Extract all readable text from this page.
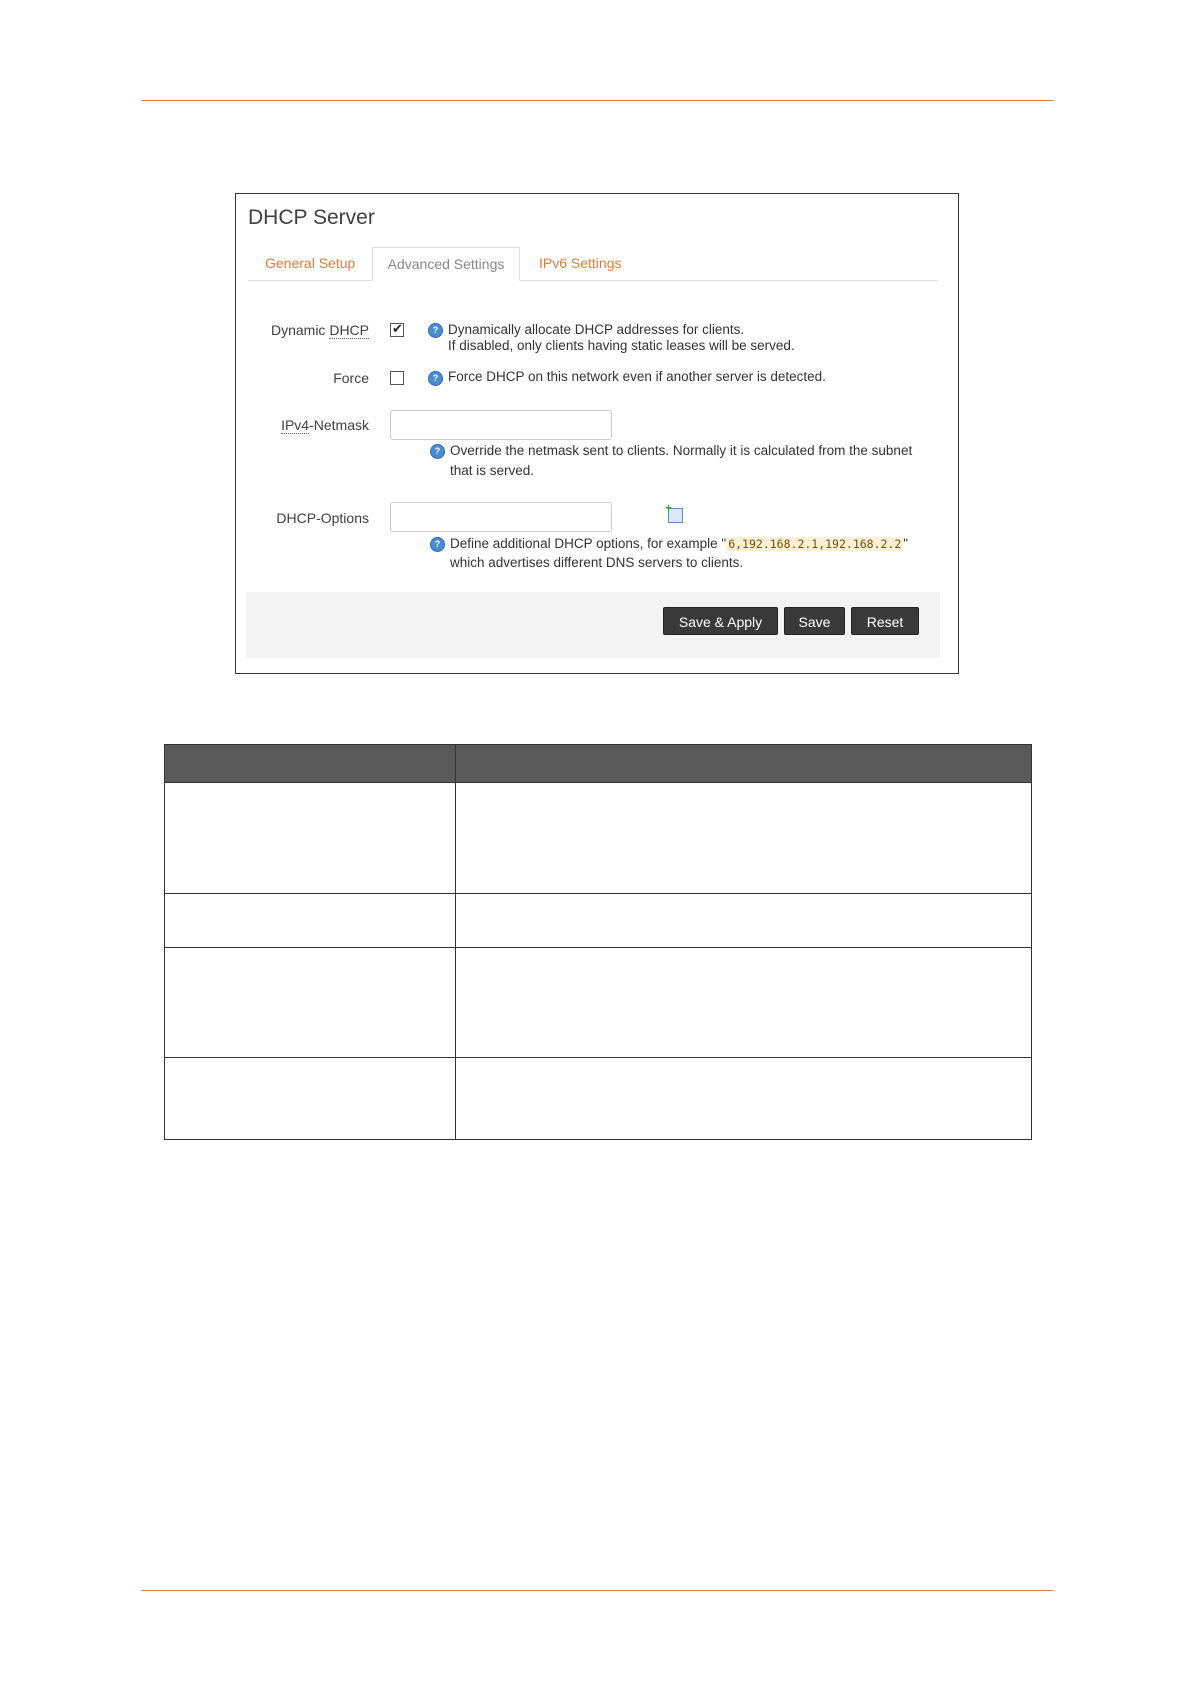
DHCP Server
General Setup	Advanced Settings	IPv6 Settings
Dynamic DHCP ✔	? Dynamically allocate DHCP addresses for clients.
If disabled, only clients having static leases will be served.
Force	? Force DHCP on this network even if another server is detected.
IPv4-Netmask
? Override the netmask sent to clients. Normally it is calculated from the subnet
that is served.
DHCP-Options
+
? Define additional DHCP options, for example " 6,192.168.2.1,192.168.2.2 "
which advertises different DNS servers to clients.
Save & Apply	Save	Reset
